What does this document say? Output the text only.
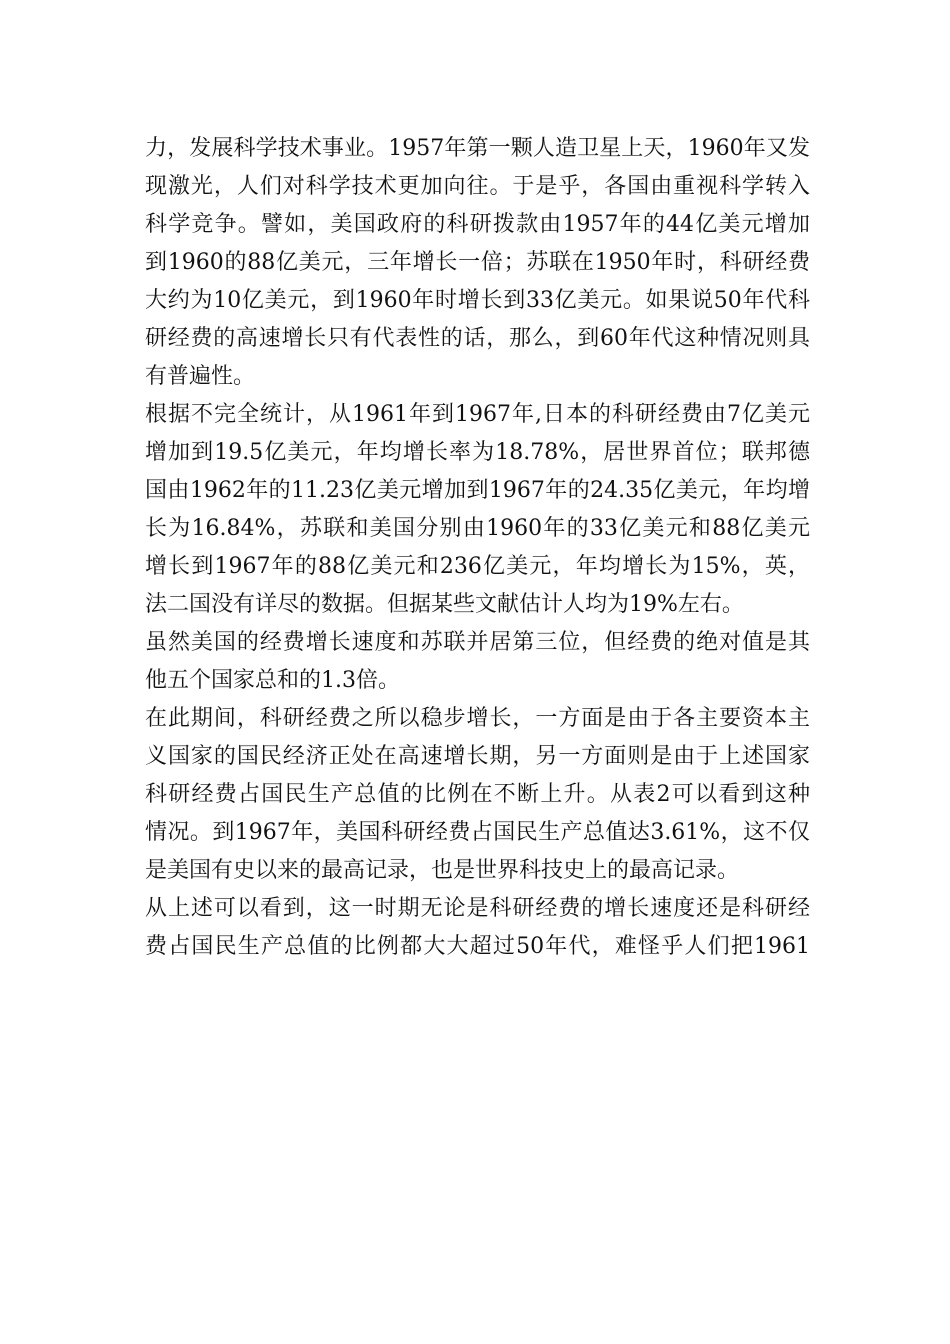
力，发展科学技术事业。1957年第一颗人造卫星上天，1960年又发
现激光，人们对科学技术更加向往。于是乎，各国由重视科学转入
科学竞争。譬如，美国政府的科研拨款由1957年的44亿美元增加
到1960的88亿美元，三年增长一倍；苏联在1950年时，科研经费
大约为10亿美元，到1960年时增长到33亿美元。如果说50年代科
研经费的高速增长只有代表性的话，那么，到60年代这种情况则具
有普遍性。
根据不完全统计，从1961年到1967年,日本的科研经费由7亿美元
增加到19.5亿美元，年均增长率为18.78%，居世界首位；联邦德
国由1962年的11.23亿美元增加到1967年的24.35亿美元，年均增
长为16.84%，苏联和美国分别由1960年的33亿美元和88亿美元
增长到1967年的88亿美元和236亿美元，年均增长为15%，英，
法二国没有详尽的数据。但据某些文献估计人均为19%左右。
虽然美国的经费增长速度和苏联并居第三位，但经费的绝对值是其
他五个国家总和的1.3倍。
在此期间，科研经费之所以稳步增长，一方面是由于各主要资本主
义国家的国民经济正处在高速增长期，另一方面则是由于上述国家
科研经费占国民生产总值的比例在不断上升。从表2可以看到这种
情况。到1967年，美国科研经费占国民生产总值达3.61%，这不仅
是美国有史以来的最高记录，也是世界科技史上的最高记录。
从上述可以看到，这一时期无论是科研经费的增长速度还是科研经
费占国民生产总值的比例都大大超过50年代，难怪乎人们把1961
